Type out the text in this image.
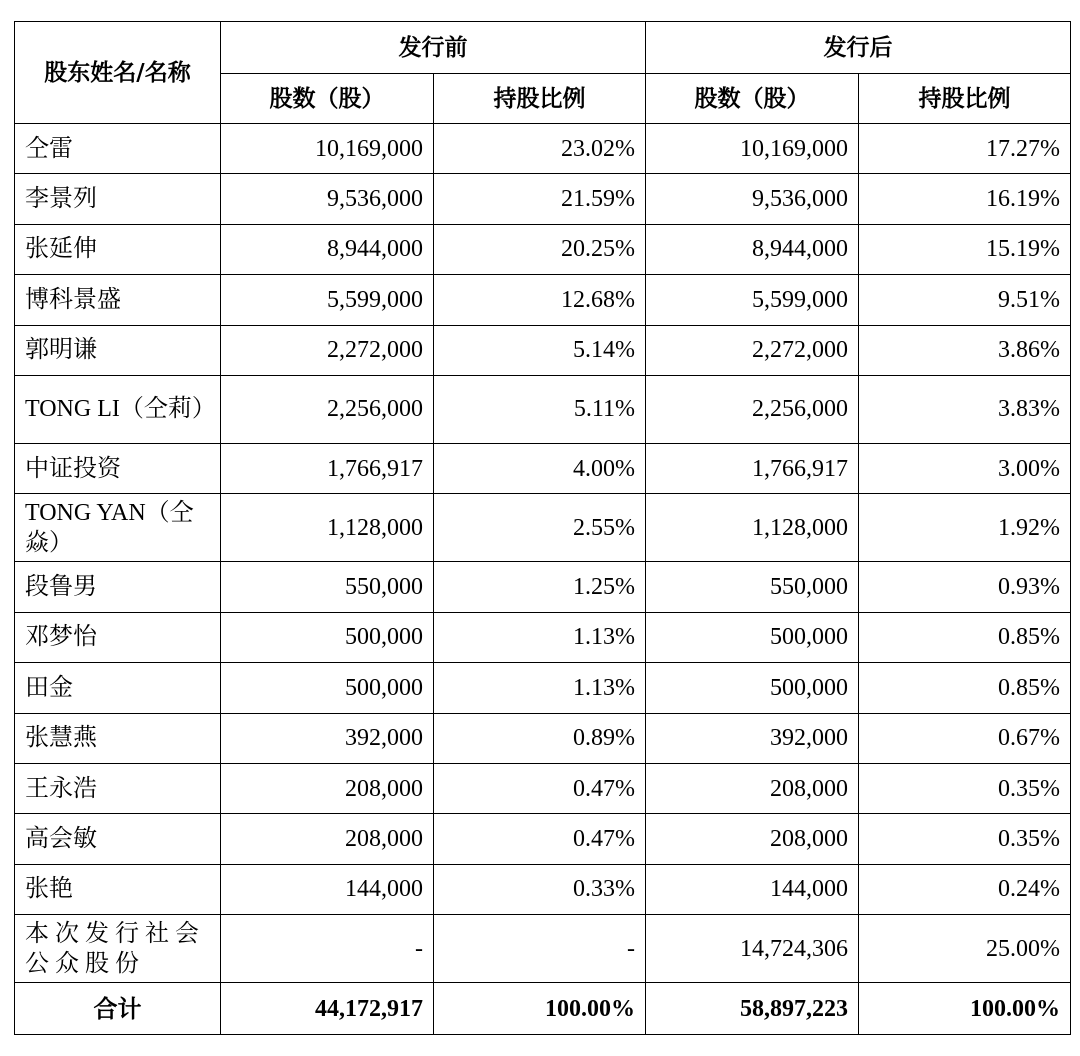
股东姓名/名称	发行前		发行后	
	股数（股）	持股比例	股数（股）	持股比例
仝雷	10,169,000	23.02%	10,169,000	17.27%
李景列	9,536,000	21.59%	9,536,000	16.19%
张延伸	8,944,000	20.25%	8,944,000	15.19%
博科景盛	5,599,000	12.68%	5,599,000	9.51%
郭明谦	2,272,000	5.14%	2,272,000	3.86%
TONG LI（仝莉）	2,256,000	5.11%	2,256,000	3.83%
中证投资	1,766,917	4.00%	1,766,917	3.00%
TONG YAN（仝焱）	1,128,000	2.55%	1,128,000	1.92%
段鲁男	550,000	1.25%	550,000	0.93%
邓梦怡	500,000	1.13%	500,000	0.85%
田金	500,000	1.13%	500,000	0.85%
张慧燕	392,000	0.89%	392,000	0.67%
王永浩	208,000	0.47%	208,000	0.35%
高会敏	208,000	0.47%	208,000	0.35%
张艳	144,000	0.33%	144,000	0.24%
本次发行社会公众股份	-	-	14,724,306	25.00%
合计	44,172,917	100.00%	58,897,223	100.00%
